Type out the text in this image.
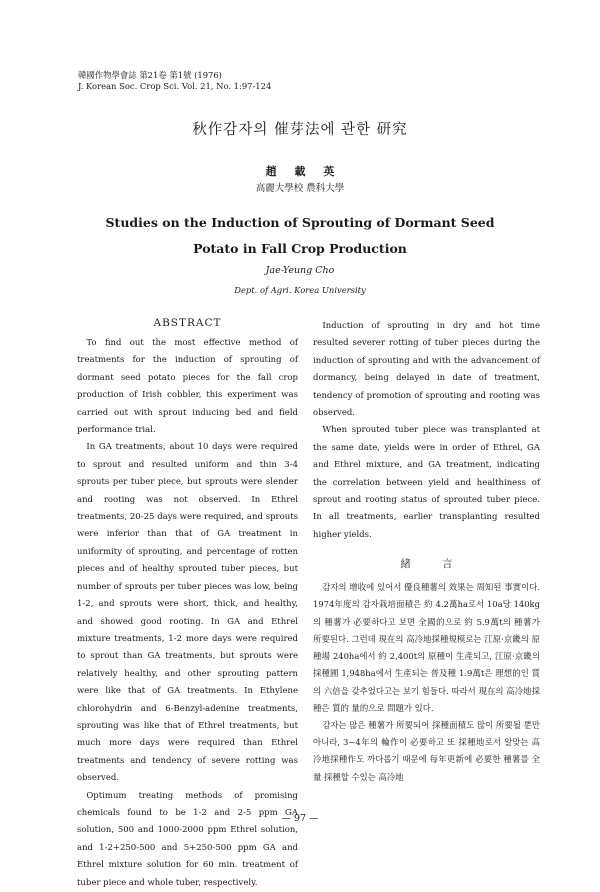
韓國作物學會誌 第21卷 第1號 (1976)
J. Korean Soc. Crop Sci. Vol. 21, No. 1:97-124
秋作감자의 催芽法에 관한 研究
趙 載 英
高麗大學校 農科大學
Studies on the Induction of Sprouting of Dormant Seed
Potato in Fall Crop Production
Jae-Yeung Cho
Dept. of Agri. Korea University
ABSTRACT

To find out the most effective method of treatments for the induction of sprouting of dormant seed potato pieces for the fall crop production of Irish cobbler, this experiment was carried out with sprout inducing bed and field performance trial.

In GA treatments, about 10 days were required to sprout and resulted uniform and thin 3-4 sprouts per tuber piece, but sprouts were slender and rooting was not observed. In Ethrel treatments, 20-25 days were required, and sprouts were inferior than that of GA treatment in uniformity of sprouting, and percentage of rotten pieces and of healthy sprouted tuber pieces, but number of sprouts per tuber pieces was low, being 1-2, and sprouts were short, thick, and healthy, and showed good rooting. In GA and Ethrel mixture treatments, 1-2 more days were required to sprout than GA treatments, but sprouts were relatively healthy, and other sprouting pattern were like that of GA treatments. In Ethylene chlorohydrin and 6-Benzyl-adenine treatments, sprouting was like that of Ethrel treatments, but much more days were required than Ethrel treatments and tendency of severe rotting was observed.

Optimum treating methods of promising chemicals found to be 1-2 and 2-5 ppm GA solution, 500 and 1000-2000 ppm Ethrel solution, and 1-2+250-500 and 5+250-500 ppm GA and Ethrel mixture solution for 60 min. treatment of tuber piece and whole tuber, respectively.

Induction of sprouting in dry and hot time resulted severer rotting of tuber pieces during the induction of sprouting and with the advancement of dormancy, being delayed in date of treatment, tendency of promotion of sprouting and rooting was observed.

When sprouted tuber piece was transplanted at the same date, yields were in order of Ethrel, GA and Ethrel mixture, and GA treatment, indicating the correlation between yield and healthiness of sprout and rooting status of sprouted tuber piece. In all treatments, earlier transplanting resulted higher yields.

緒 言

감자의 增收에 있어서 優良種薯의 效果는 周知된 事實이다. 1974年度의 감자栽培面積은 約 4.2萬ha로서 10a당 140kg의 種薯가 必要하다고 보면 全國的으로 約 5.9萬t의 種薯가 所要된다. 그런데 現在의 高冷地採種規模로는 江原·京畿의 原種場 240ha에서 約 2,400t의 原種이 生產되고, 江原·京畿의 採種圃 1,948ha에서 生產되는 普及種 1.9萬t은 理想的인 質의 六倍을 갖추었다고는 보기 힘들다. 따라서 現在의 高冷地採種은 質的 量的으로 問題가 있다.

감자는 많은 種薯가 所要되어 採種面積도 많이 所要될 뿐만 아니라, 3~4年의 輪作이 必要하고 또 採種地로서 알맞는 高冷地採種作도 까다롭기 때문에 每年更新에 必要한 種薯를 全量 採種할 수있는 高冷地

— 97 —
